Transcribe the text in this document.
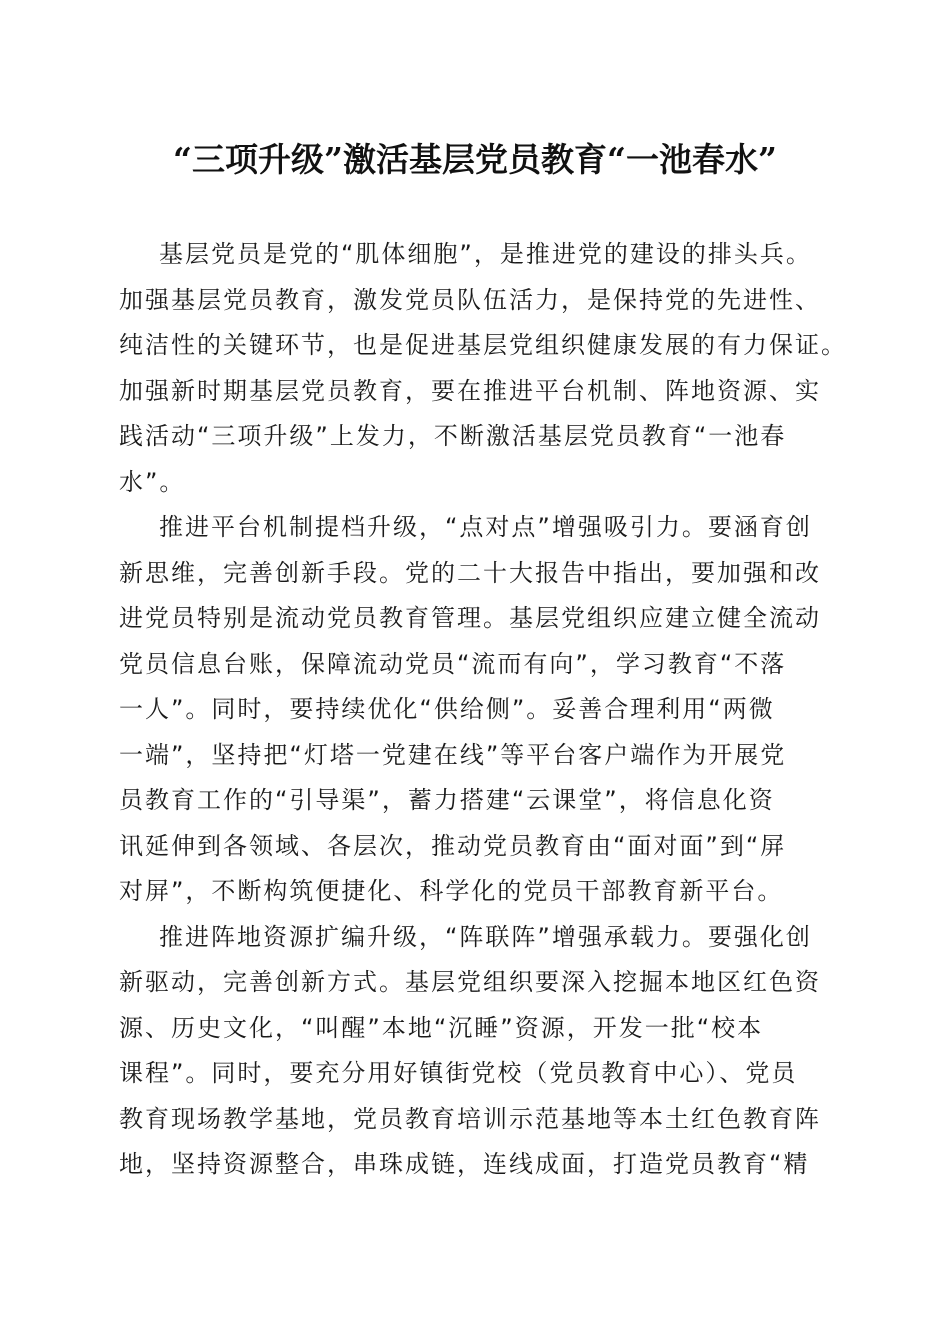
“三项升级”激活基层党员教育“一池春水”
基层党员是党的“肌体细胞”，是推进党的建设的排头兵。
加强基层党员教育，激发党员队伍活力，是保持党的先进性、
纯洁性的关键环节，也是促进基层党组织健康发展的有力保证。
加强新时期基层党员教育，要在推进平台机制、阵地资源、实
践活动“三项升级”上发力，不断激活基层党员教育“一池春
水”。
推进平台机制提档升级，“点对点”增强吸引力。要涵育创
新思维，完善创新手段。党的二十大报告中指出，要加强和改
进党员特别是流动党员教育管理。基层党组织应建立健全流动
党员信息台账，保障流动党员“流而有向”，学习教育“不落
一人”。同时，要持续优化“供给侧”。妥善合理利用“两微
一端”，坚持把“灯塔一党建在线”等平台客户端作为开展党
员教育工作的“引导渠”，蓄力搭建“云课堂”，将信息化资
讯延伸到各领域、各层次，推动党员教育由“面对面”到“屏
对屏”，不断构筑便捷化、科学化的党员干部教育新平台。
推进阵地资源扩编升级，“阵联阵”增强承载力。要强化创
新驱动，完善创新方式。基层党组织要深入挖掘本地区红色资
源、历史文化，“叫醒”本地“沉睡”资源，开发一批“校本
课程”。同时，要充分用好镇街党校（党员教育中心）、党员
教育现场教学基地，党员教育培训示范基地等本土红色教育阵
地，坚持资源整合，串珠成链，连线成面，打造党员教育“精
